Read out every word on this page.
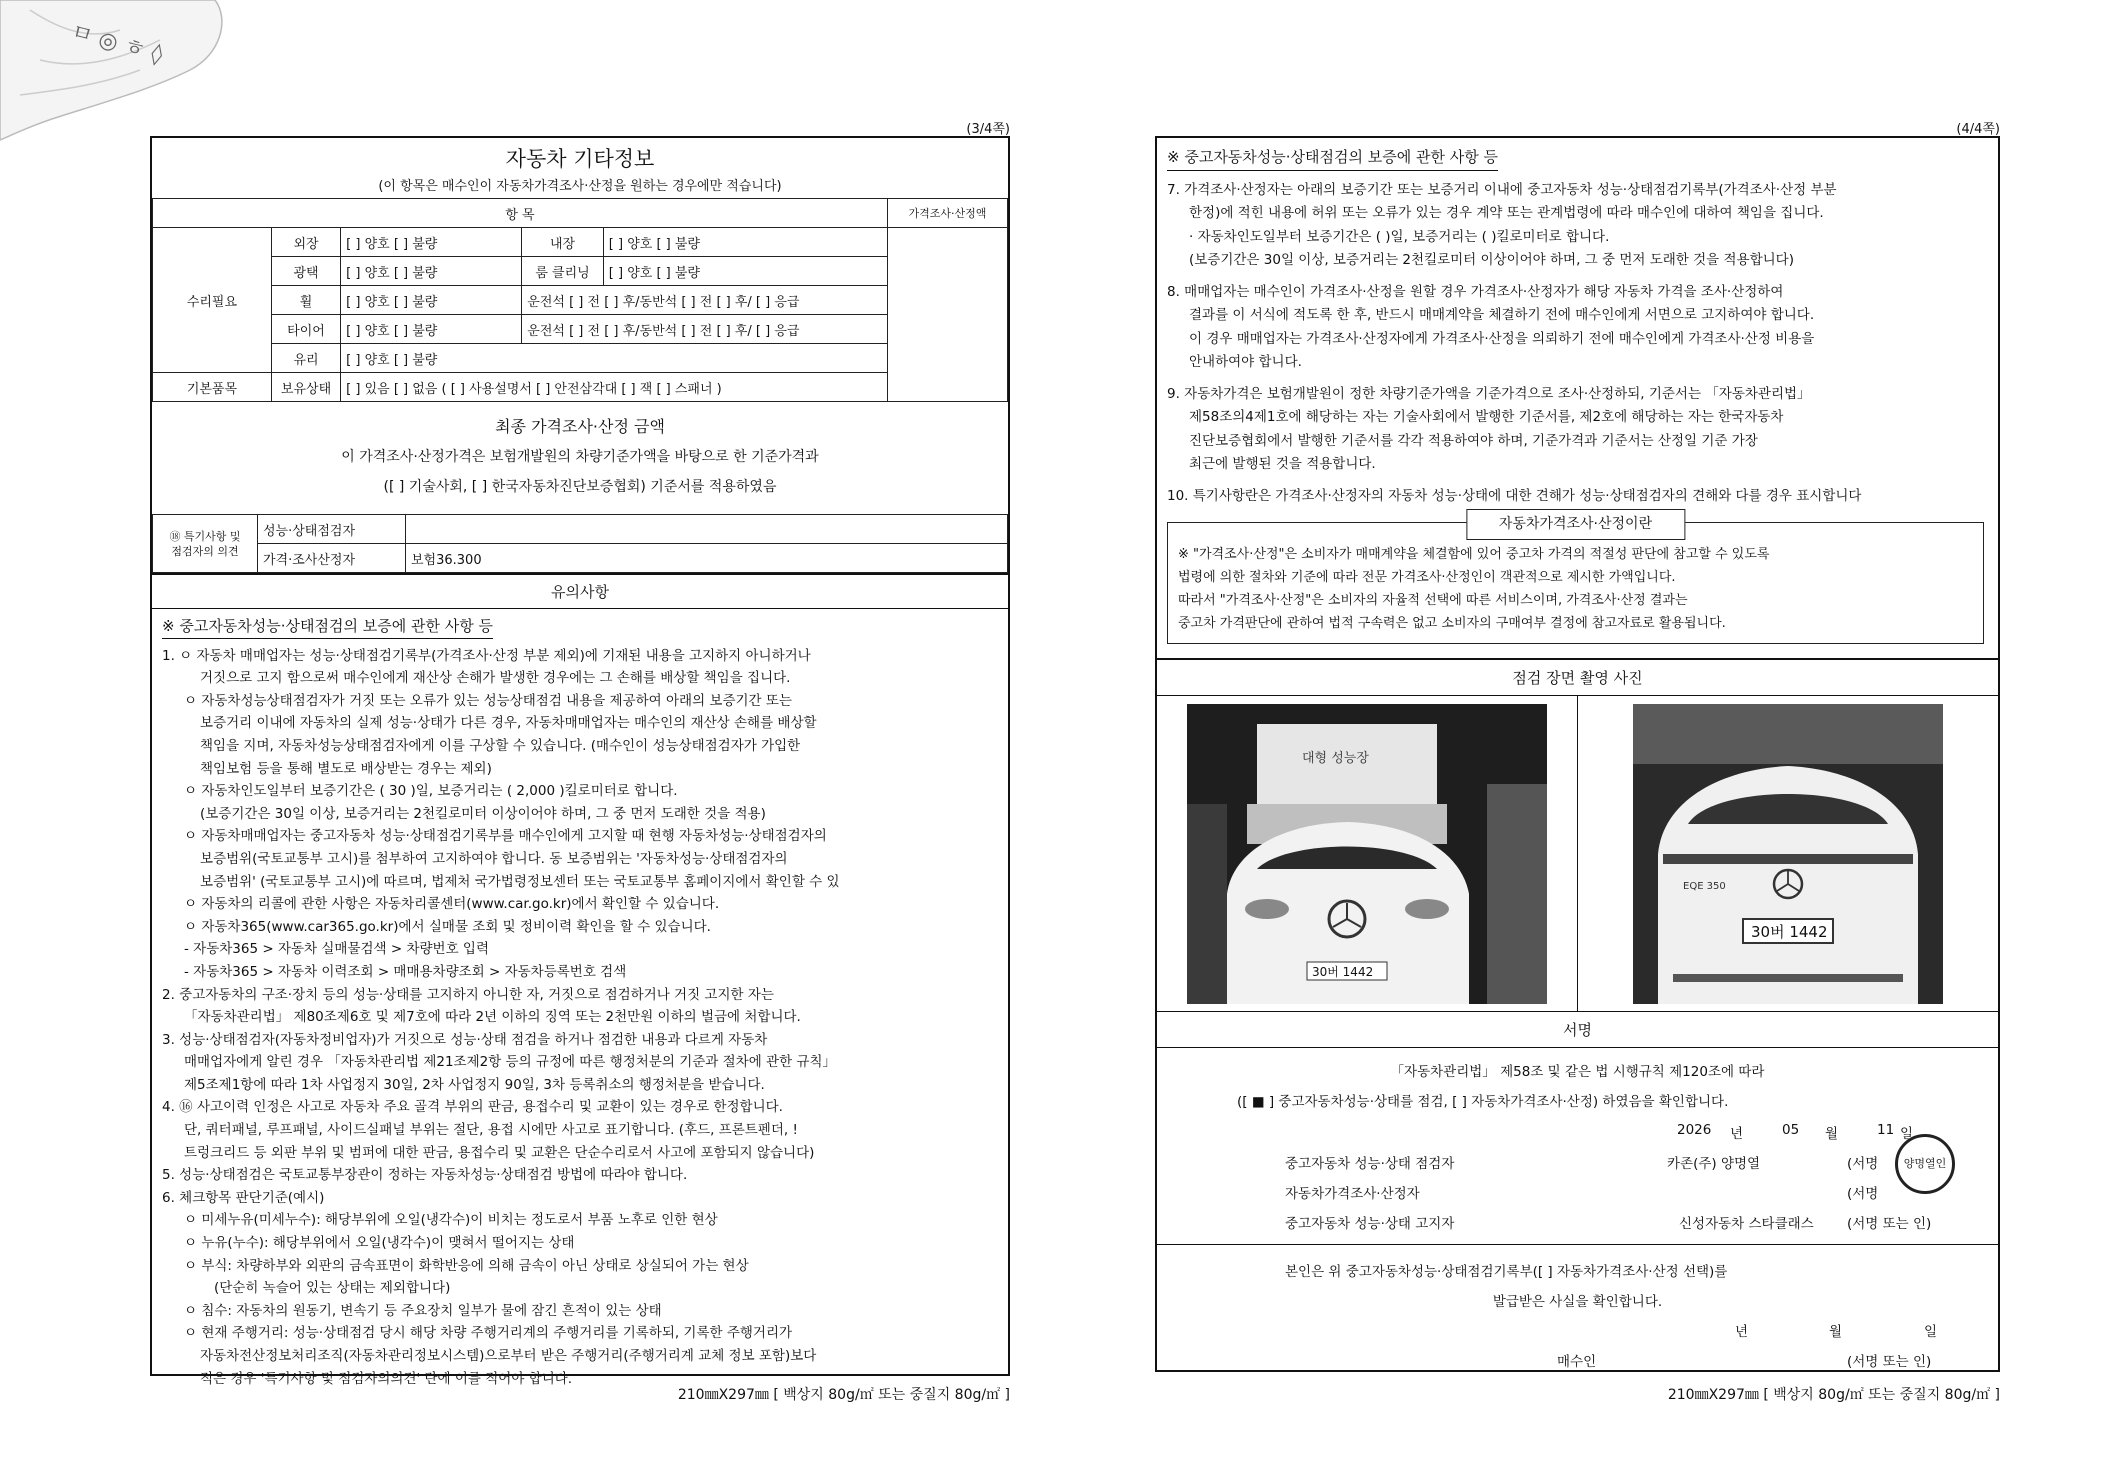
ㅁ ◎ ㅎ ◊
(3/4쪽)
자동차 기타정보
(이 항목은 매수인이 자동차가격조사·산정을 원하는 경우에만 적습니다)
항 목					가격조사·산정액
수리필요	외장	[ ] 양호 [ ] 불량	내장	[ ] 양호 [ ] 불량	
	광택	[ ] 양호 [ ] 불량	룸 클리닝	[ ] 양호 [ ] 불량	
	휠	[ ] 양호 [ ] 불량	운전석 [ ] 전 [ ] 후/동반석 [ ] 전 [ ] 후/ [ ] 응급		
	타이어	[ ] 양호 [ ] 불량	운전석 [ ] 전 [ ] 후/동반석 [ ] 전 [ ] 후/ [ ] 응급		
	유리	[ ] 양호 [ ] 불량			
기본품목	보유상태	[ ] 있음 [ ] 없음 ( [ ] 사용설명서 [ ] 안전삼각대 [ ] 잭 [ ] 스패너 )			
최종 가격조사·산정 금액
이 가격조사·산정가격은 보험개발원의 차량기준가액을 바탕으로 한 기준가격과
([ ] 기술사회, [ ] 한국자동차진단보증협회) 기준서를 적용하였음
⑱ 특기사항 및
점검자의 의견	성능·상태점검자	
	가격·조사산정자	보험36.300
유의사항
※ 중고자동차성능·상태점검의 보증에 관한 사항 등

1. ㅇ 자동차 매매업자는 성능·상태점검기록부(가격조사·산정 부분 제외)에 기재된 내용을 고지하지 아니하거나

거짓으로 고지 함으로써 매수인에게 재산상 손해가 발생한 경우에는 그 손해를 배상할 책임을 집니다.

ㅇ 자동차성능상태점검자가 거짓 또는 오류가 있는 성능상태점검 내용을 제공하여 아래의 보증기간 또는

보증거리 이내에 자동차의 실제 성능·상태가 다른 경우, 자동차매매업자는 매수인의 재산상 손해를 배상할

책임을 지며, 자동차성능상태점검자에게 이를 구상할 수 있습니다. (매수인이 성능상태점검자가 가입한

책임보험 등을 통해 별도로 배상받는 경우는 제외)

ㅇ 자동차인도일부터 보증기간은 ( 30 )일, 보증거리는 ( 2,000 )킬로미터로 합니다.

(보증기간은 30일 이상, 보증거리는 2천킬로미터 이상이어야 하며, 그 중 먼저 도래한 것을 적용)

ㅇ 자동차매매업자는 중고자동차 성능·상태점검기록부를 매수인에게 고지할 때 현행 자동차성능·상태점검자의

보증범위(국토교통부 고시)를 첨부하여 고지하여야 합니다. 동 보증범위는 '자동차성능·상태점검자의

보증범위' (국토교통부 고시)에 따르며, 법제처 국가법령정보센터 또는 국토교통부 홈페이지에서 확인할 수 있

ㅇ 자동차의 리콜에 관한 사항은 자동차리콜센터(www.car.go.kr)에서 확인할 수 있습니다.

ㅇ 자동차365(www.car365.go.kr)에서 실매물 조회 및 정비이력 확인을 할 수 있습니다.

- 자동차365 > 자동차 실매물검색 > 차량번호 입력

- 자동차365 > 자동차 이력조회 > 매매용차량조회 > 자동차등록번호 검색

2. 중고자동차의 구조·장치 등의 성능·상태를 고지하지 아니한 자, 거짓으로 점검하거나 거짓 고지한 자는

「자동차관리법」 제80조제6호 및 제7호에 따라 2년 이하의 징역 또는 2천만원 이하의 벌금에 처합니다.

3. 성능·상태점검자(자동차정비업자)가 거짓으로 성능·상태 점검을 하거나 점검한 내용과 다르게 자동차

매매업자에게 알린 경우 「자동차관리법 제21조제2항 등의 규정에 따른 행정처분의 기준과 절차에 관한 규칙」

제5조제1항에 따라 1차 사업정지 30일, 2차 사업정지 90일, 3차 등록취소의 행정처분을 받습니다.

4. ⑯ 사고이력 인정은 사고로 자동차 주요 골격 부위의 판금, 용접수리 및 교환이 있는 경우로 한정합니다.

단, 쿼터패널, 루프패널, 사이드실패널 부위는 절단, 용접 시에만 사고로 표기합니다. (후드, 프론트펜더, !

트렁크리드 등 외판 부위 및 범퍼에 대한 판금, 용접수리 및 교환은 단순수리로서 사고에 포함되지 않습니다)

5. 성능·상태점검은 국토교통부장관이 정하는 자동차성능·상태점검 방법에 따라야 합니다.

6. 체크항목 판단기준(예시)

ㅇ 미세누유(미세누수): 해당부위에 오일(냉각수)이 비치는 정도로서 부품 노후로 인한 현상

ㅇ 누유(누수): 해당부위에서 오일(냉각수)이 맺혀서 떨어지는 상태

ㅇ 부식: 차량하부와 외판의 금속표면이 화학반응에 의해 금속이 아닌 상태로 상실되어 가는 현상

(단순히 녹슬어 있는 상태는 제외합니다)

ㅇ 침수: 자동차의 원동기, 변속기 등 주요장치 일부가 물에 잠긴 흔적이 있는 상태

ㅇ 현재 주행거리: 성능·상태점검 당시 해당 차량 주행거리계의 주행거리를 기록하되, 기록한 주행거리가

자동차전산정보처리조직(자동차관리정보시스템)으로부터 받은 주행거리(주행거리계 교체 정보 포함)보다

적은 경우 '특기사항 및 점검자의의견' 란에 이를 적어야 합니다.

210㎜X297㎜ [ 백상지 80g/㎡ 또는 중질지 80g/㎡ ]
(4/4쪽)
※ 중고자동차성능·상태점검의 보증에 관한 사항 등

7. 가격조사·산정자는 아래의 보증기간 또는 보증거리 이내에 중고자동차 성능·상태점검기록부(가격조사·산정 부분

한정)에 적힌 내용에 허위 또는 오류가 있는 경우 계약 또는 관계법령에 따라 매수인에 대하여 책임을 집니다.

· 자동차인도일부터 보증기간은 ( )일, 보증거리는 ( )킬로미터로 합니다.

(보증기간은 30일 이상, 보증거리는 2천킬로미터 이상이어야 하며, 그 중 먼저 도래한 것을 적용합니다)

8. 매매업자는 매수인이 가격조사·산정을 원할 경우 가격조사·산정자가 해당 자동차 가격을 조사·산정하여

결과를 이 서식에 적도록 한 후, 반드시 매매계약을 체결하기 전에 매수인에게 서면으로 고지하여야 합니다.

이 경우 매매업자는 가격조사·산정자에게 가격조사·산정을 의뢰하기 전에 매수인에게 가격조사·산정 비용을

안내하여야 합니다.

9. 자동차가격은 보험개발원이 정한 차량기준가액을 기준가격으로 조사·산정하되, 기준서는 「자동차관리법」

제58조의4제1호에 해당하는 자는 기술사회에서 발행한 기준서를, 제2호에 해당하는 자는 한국자동차

진단보증협회에서 발행한 기준서를 각각 적용하여야 하며, 기준가격과 기준서는 산정일 기준 가장

최근에 발행된 것을 적용합니다.

10. 특기사항란은 가격조사·산정자의 자동차 성능·상태에 대한 견해가 성능·상태점검자의 견해와 다를 경우 표시합니다

자동차가격조사·산정이란

※ "가격조사·산정"은 소비자가 매매계약을 체결함에 있어 중고차 가격의 적절성 판단에 참고할 수 있도록

법령에 의한 절차와 기준에 따라 전문 가격조사·산정인이 객관적으로 제시한 가액입니다.

따라서 "가격조사·산정"은 소비자의 자율적 선택에 따른 서비스이며, 가격조사·산정 결과는

중고차 가격판단에 관하여 법적 구속력은 없고 소비자의 구매여부 결정에 참고자료로 활용됩니다.

점검 장면 촬영 사진
대형 성능장
30버 1442
EQE 350
30버 1442
서명
「자동차관리법」 제58조 및 같은 법 시행규칙 제120조에 따라
([ ■ ] 중고자동차성능·상태를 점검, [ ] 자동차가격조사·산정) 하였음을 확인합니다.
2026 년	05 월	11 일
중고자동차 성능·상태 점검자	카존(주) 양명열	(서명
자동차가격조사·산정자	(서명
중고자동차 성능·상태 고지자	신성자동차 스타클래스 (서명 또는 인)
양명열인
본인은 위 중고자동차성능·상태점검기록부([ ] 자동차가격조사·산정 선택)를
발급받은 사실을 확인합니다.
년	월	일
매수인	(서명 또는 인)
210㎜X297㎜ [ 백상지 80g/㎡ 또는 중질지 80g/㎡ ]
